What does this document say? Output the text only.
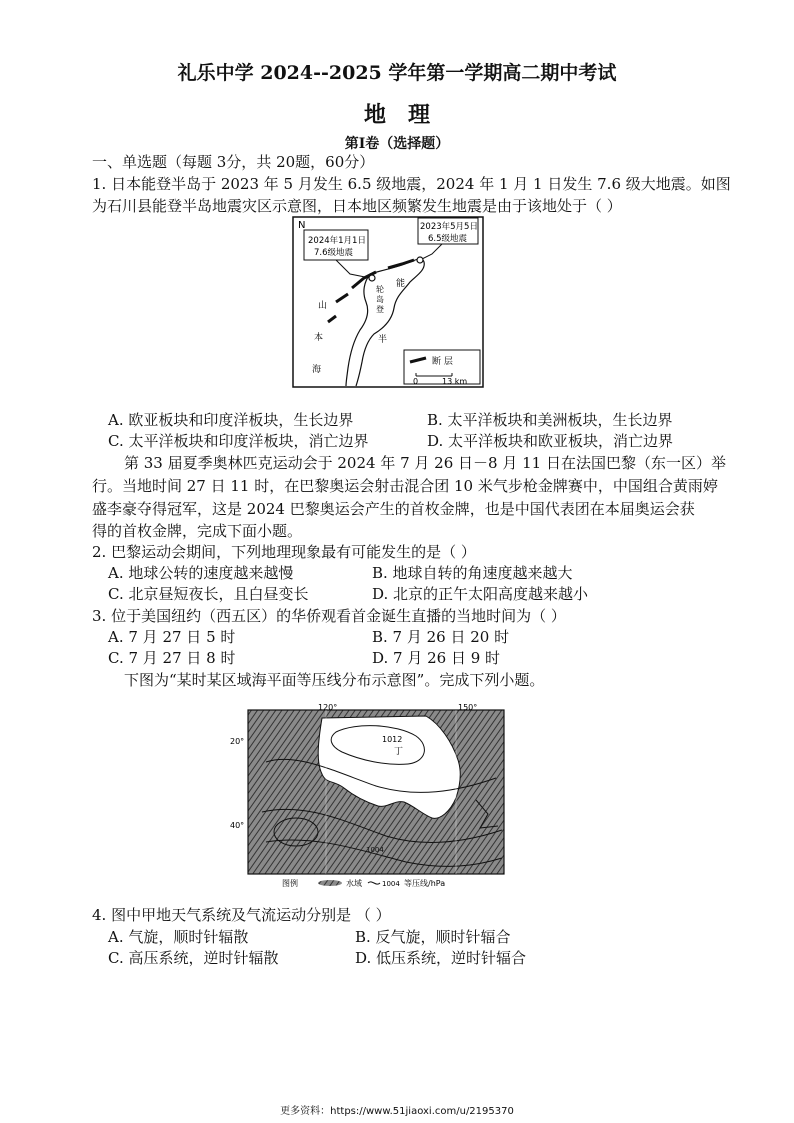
礼乐中学 2024--2025 学年第一学期高二期中考试
地　理
第Ⅰ卷（选择题）
一、单选题（每题 3分，共 20题，60分）
1. 日本能登半岛于 2023 年 5 月发生 6.5 级地震，2024 年 1 月 1 日发生 7.6 级大地震。如图
为石川县能登半岛地震灾区示意图，日本地区频繁发生地震是由于该地处于（ ）
N
2024年1月1日
7.6级地震
2023年5月5日
6.5级地震
能
轮
岛
登
山
本
海
半
断 层
0	13 km
A. 欧亚板块和印度洋板块，生长边界	B. 太平洋板块和美洲板块，生长边界
C. 太平洋板块和印度洋板块，消亡边界	D. 太平洋板块和欧亚板块，消亡边界
第 33 届夏季奥林匹克运动会于 2024 年 7 月 26 日－8 月 11 日在法国巴黎（东一区）举
行。当地时间 27 日 11 时，在巴黎奥运会射击混合团 10 米气步枪金牌赛中，中国组合黄雨婷
盛李豪夺得冠军，这是 2024 巴黎奥运会产生的首枚金牌，也是中国代表团在本届奥运会获
得的首枚金牌，完成下面小题。
2. 巴黎运动会期间，下列地理现象最有可能发生的是（ ）
A. 地球公转的速度越来越慢	B. 地球自转的角速度越来越大
C. 北京昼短夜长，且白昼变长	D. 北京的正午太阳高度越来越小
3. 位于美国纽约（西五区）的华侨观看首金诞生直播的当地时间为（ ）
A. 7 月 27 日 5 时	B. 7 月 26 日 20 时
C. 7 月 27 日 8 时	D. 7 月 26 日 9 时
下图为“某时某区域海平面等压线分布示意图”。完成下列小题。
120°	150°
20°
40°
1012
丁
1004
图例	水域	1004 等压线/hPa
4. 图中甲地天气系统及气流运动分别是 （ ）
A. 气旋，顺时针辐散	B. 反气旋，顺时针辐合
C. 高压系统，逆时针辐散	D. 低压系统，逆时针辐合
更多资料：https://www.51jiaoxi.com/u/2195370
